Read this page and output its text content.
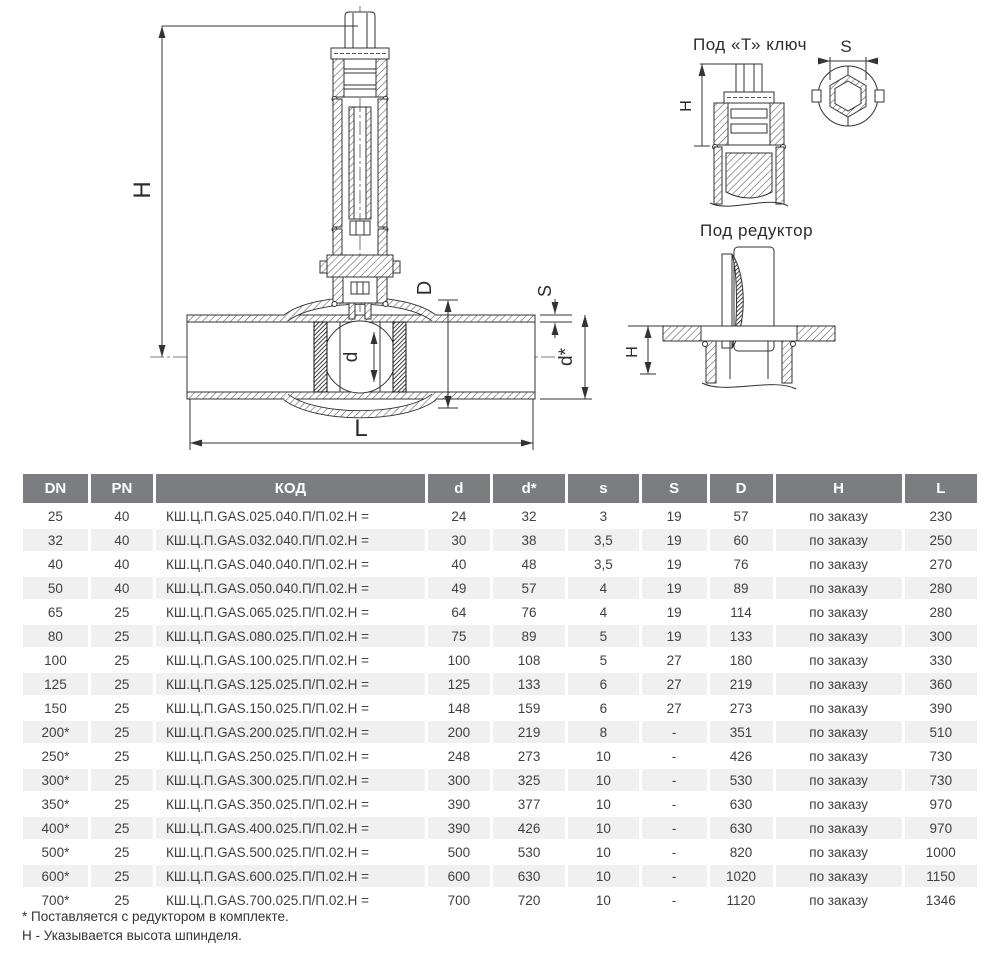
H
D	S
d*
d
L
Под «Т» ключ
H
S
Под редуктор
H
DN	PN	КОД	d	d*	s	S	D	H	L
25	40	КШ.Ц.П.GAS.025.040.П/П.02.Н =	24	32	3	19	57	по заказу	230
32	40	КШ.Ц.П.GAS.032.040.П/П.02.Н =	30	38	3,5	19	60	по заказу	250
40	40	КШ.Ц.П.GAS.040.040.П/П.02.Н =	40	48	3,5	19	76	по заказу	270
50	40	КШ.Ц.П.GAS.050.040.П/П.02.Н =	49	57	4	19	89	по заказу	280
65	25	КШ.Ц.П.GAS.065.025.П/П.02.Н =	64	76	4	19	114	по заказу	280
80	25	КШ.Ц.П.GAS.080.025.П/П.02.Н =	75	89	5	19	133	по заказу	300
100	25	КШ.Ц.П.GAS.100.025.П/П.02.Н =	100	108	5	27	180	по заказу	330
125	25	КШ.Ц.П.GAS.125.025.П/П.02.Н =	125	133	6	27	219	по заказу	360
150	25	КШ.Ц.П.GAS.150.025.П/П.02.Н =	148	159	6	27	273	по заказу	390
200*	25	КШ.Ц.П.GAS.200.025.П/П.02.Н =	200	219	8	-	351	по заказу	510
250*	25	КШ.Ц.П.GAS.250.025.П/П.02.Н =	248	273	10	-	426	по заказу	730
300*	25	КШ.Ц.П.GAS.300.025.П/П.02.Н =	300	325	10	-	530	по заказу	730
350*	25	КШ.Ц.П.GAS.350.025.П/П.02.Н =	390	377	10	-	630	по заказу	970
400*	25	КШ.Ц.П.GAS.400.025.П/П.02.Н =	390	426	10	-	630	по заказу	970
500*	25	КШ.Ц.П.GAS.500.025.П/П.02.Н =	500	530	10	-	820	по заказу	1000
600*	25	КШ.Ц.П.GAS.600.025.П/П.02.Н =	600	630	10	-	1020	по заказу	1150
700*	25	КШ.Ц.П.GAS.700.025.П/П.02.Н =	700	720	10	-	1120	по заказу	1346
* Поставляется с редуктором в комплекте.
Н - Указывается высота шпинделя.
